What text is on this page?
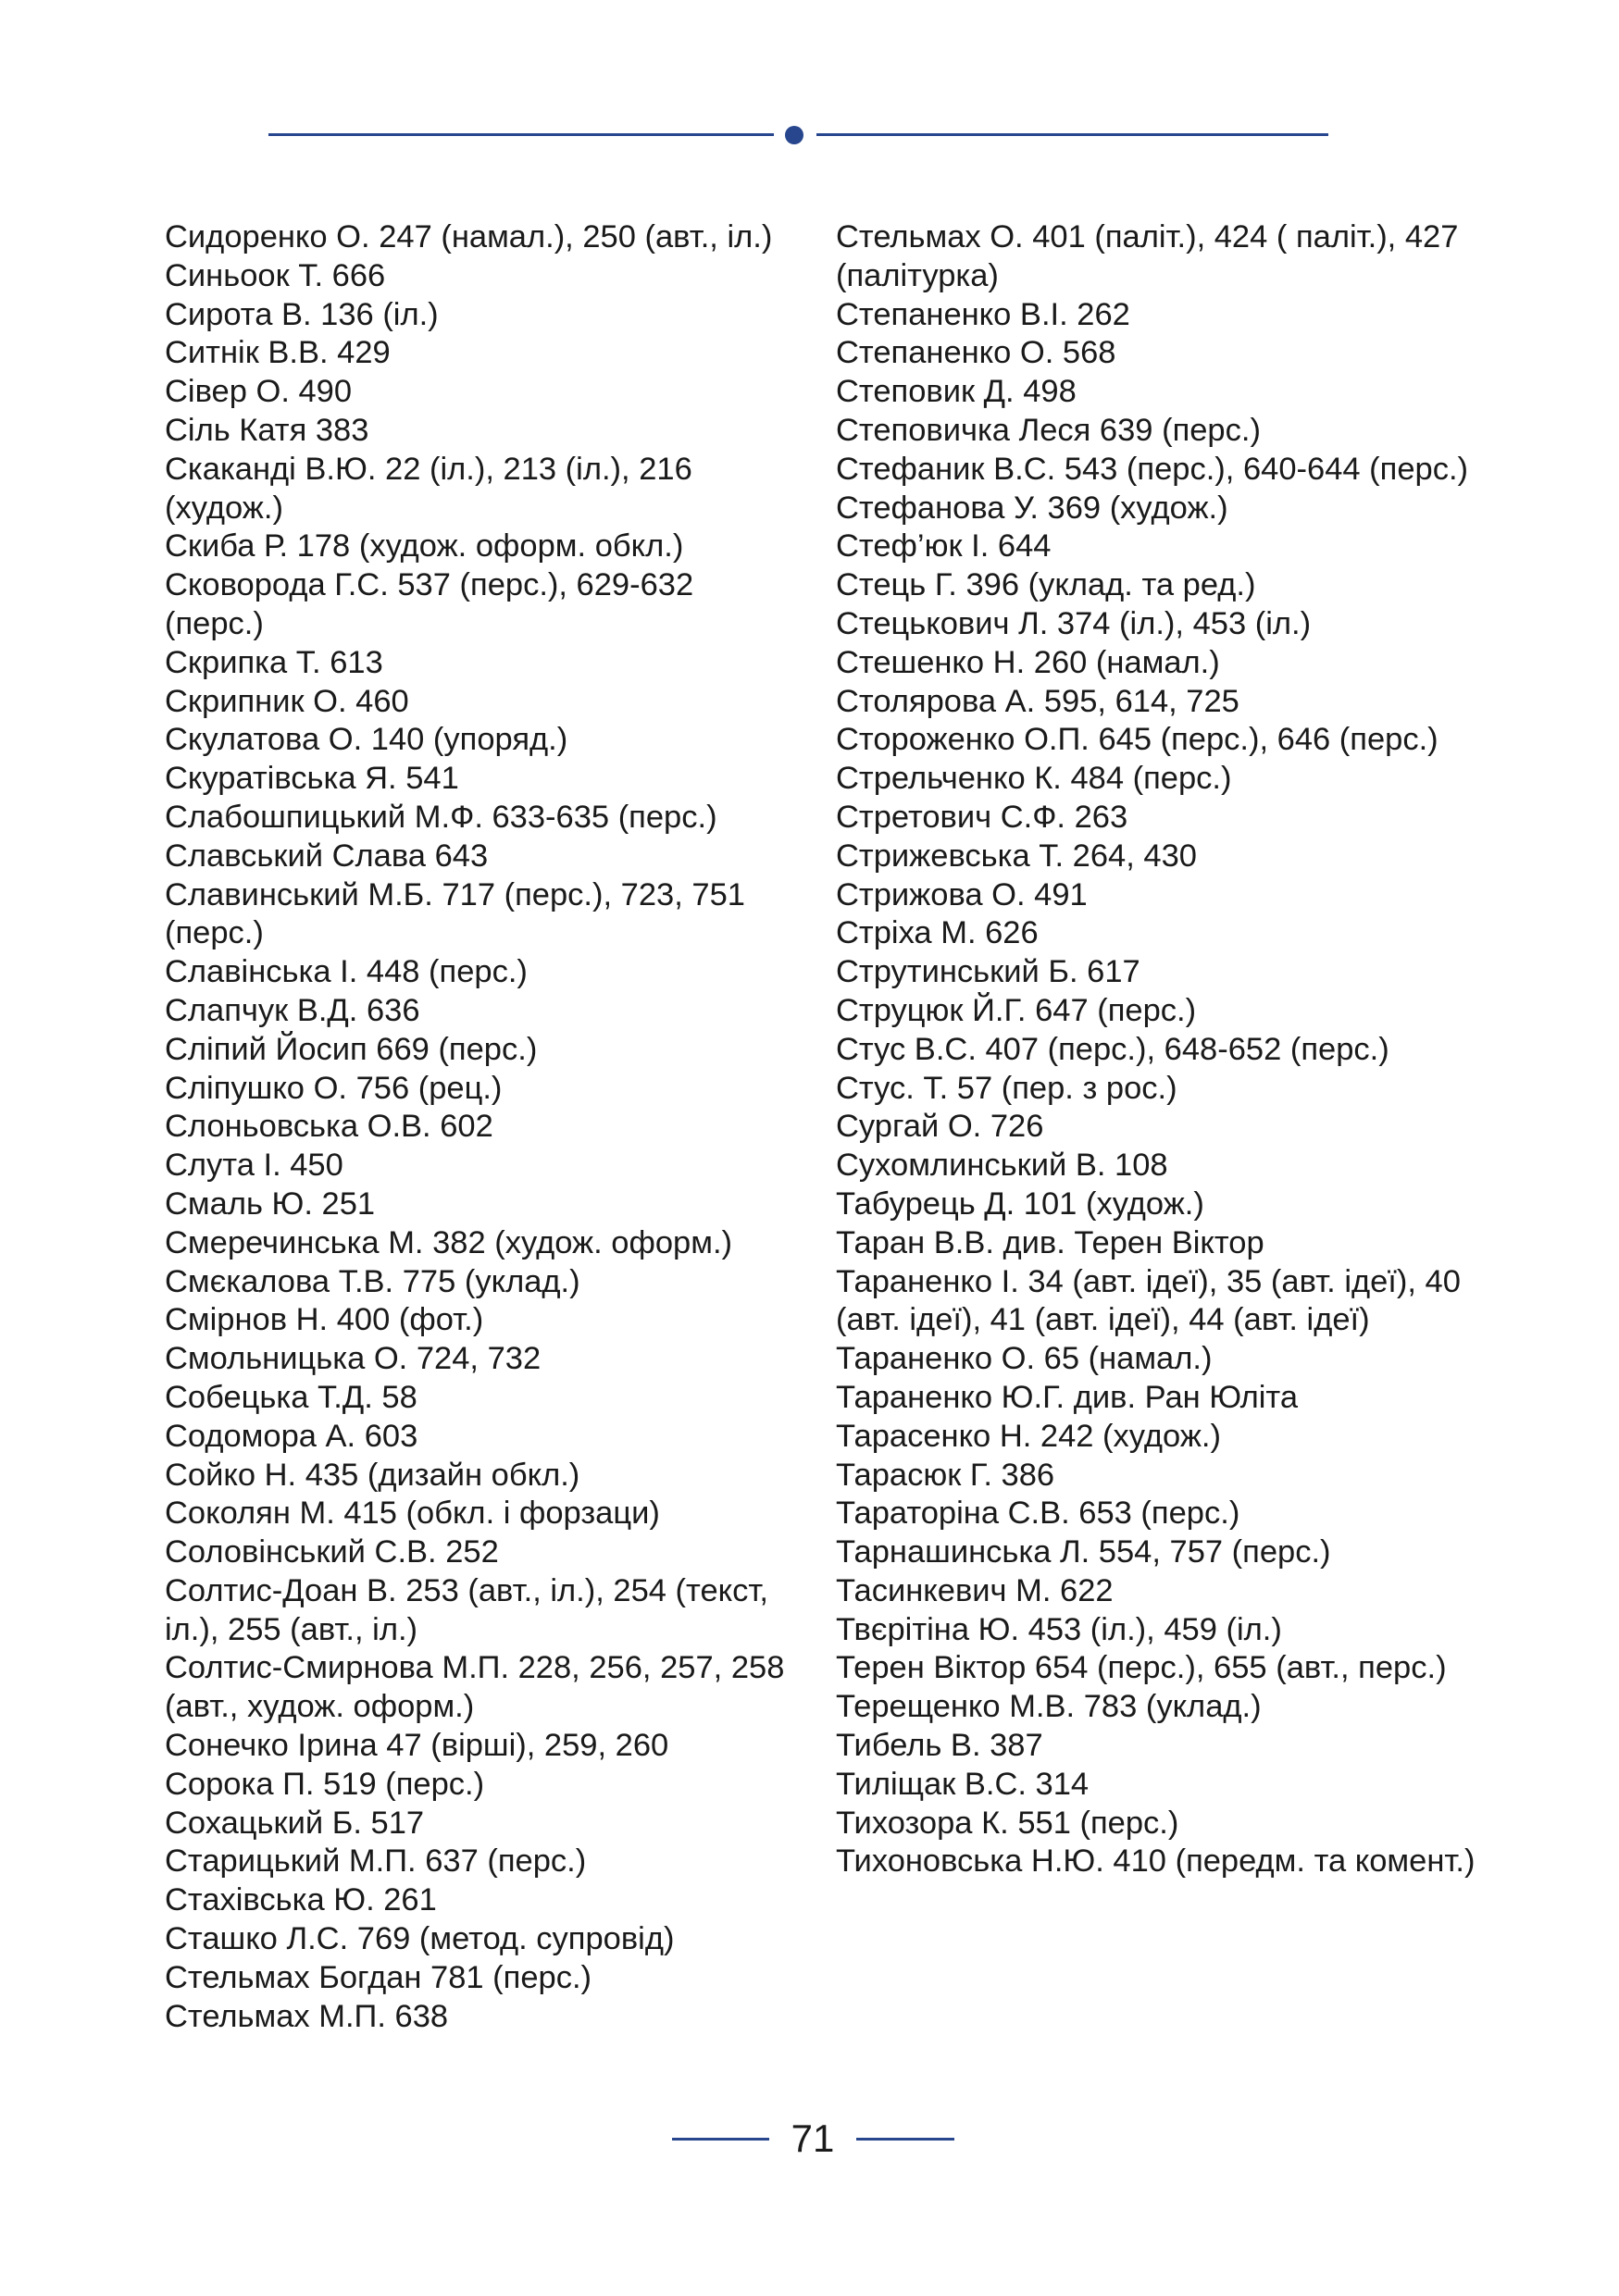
Сидоренко О. 247 (намал.), 250 (авт., іл.)

Синьоок Т. 666

Сирота В. 136 (іл.)

Ситнік В.В. 429

Сівер О. 490

Сіль Катя 383

Скаканді В.Ю. 22 (іл.), 213 (іл.), 216 (худож.)

Скиба Р. 178 (худож. оформ. обкл.)

Сковорода Г.С. 537 (перс.), 629-632 (перс.)

Скрипка Т. 613

Скрипник О. 460

Скулатова О. 140 (упоряд.)

Скуратівська Я. 541

Слабошпицький М.Ф. 633-635 (перс.)

Славський Слава 643

Славинський М.Б. 717 (перс.), 723, 751 (перс.)

Славінська І. 448 (перс.)

Слапчук В.Д. 636

Сліпий Йосип 669 (перс.)

Сліпушко О. 756 (рец.)

Слоньовська О.В. 602

Слута І. 450

Смаль Ю. 251

Смеречинська М. 382 (худож. оформ.)

Смєкалова Т.В. 775 (уклад.)

Смірнов Н. 400 (фот.)

Смольницька О. 724, 732

Собецька Т.Д. 58

Содомора А. 603

Сойко Н. 435 (дизайн обкл.)

Соколян М. 415 (обкл. і форзаци)

Соловінський С.В. 252

Солтис-Доан В. 253 (авт., іл.), 254 (текст, іл.), 255 (авт., іл.)

Солтис-Смирнова М.П. 228, 256, 257, 258 (авт., худож. оформ.)

Сонечко Ірина 47 (вірші), 259, 260

Сорока П. 519 (перс.)

Сохацький Б. 517

Старицький М.П. 637 (перс.)

Стахівська Ю. 261

Сташко Л.С. 769 (метод. супровід)

Стельмах Богдан 781 (перс.)

Стельмах М.П. 638

Стельмах О. 401 (паліт.), 424 ( паліт.), 427 (палітурка)

Степаненко В.І. 262

Степаненко О. 568

Степовик Д. 498

Степовичка Леся 639 (перс.)

Стефаник В.С. 543 (перс.), 640-644 (перс.)

Стефанова У. 369 (худож.)

Стеф’юк І. 644

Стець Г. 396 (уклад. та ред.)

Стецькович Л. 374 (іл.), 453 (іл.)

Стешенко Н. 260 (намал.)

Столярова А. 595, 614, 725

Стороженко О.П. 645 (перс.), 646 (перс.)

Стрельченко К. 484 (перс.)

Стретович С.Ф. 263

Стрижевська Т. 264, 430

Стрижова О. 491

Стріха М. 626

Струтинський Б. 617

Струцюк Й.Г. 647 (перс.)

Стус В.С. 407 (перс.), 648-652 (перс.)

Стус. Т. 57 (пер. з рос.)

Сургай О. 726

Сухомлинський В. 108

Табурець Д. 101 (худож.)

Таран В.В. див. Терен Віктор

Тараненко І. 34 (авт. ідеї), 35 (авт. ідеї), 40 (авт. ідеї), 41 (авт. ідеї), 44 (авт. ідеї)

Тараненко О. 65 (намал.)

Тараненко Ю.Г. див. Ран Юліта

Тарасенко Н. 242 (худож.)

Тарасюк Г. 386

Тараторіна С.В. 653 (перс.)

Тарнашинська Л. 554, 757 (перс.)

Тасинкевич М. 622

Твєрітіна Ю. 453 (іл.), 459 (іл.)

Терен Віктор 654 (перс.), 655 (авт., перс.)

Терещенко М.В. 783 (уклад.)

Тибель В. 387

Тиліщак В.С. 314

Тихозора К. 551 (перс.)

Тихоновська Н.Ю. 410 (передм. та комент.)

71
